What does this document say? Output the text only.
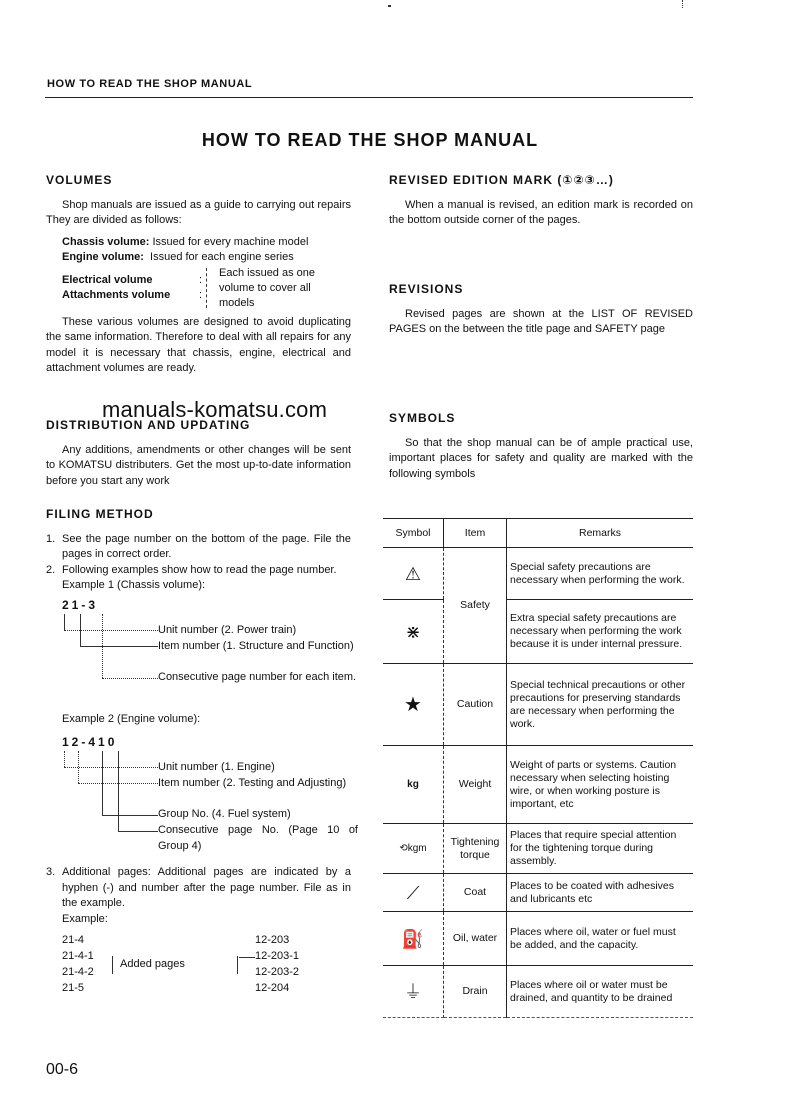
HOW TO READ THE SHOP MANUAL
HOW TO READ THE SHOP MANUAL
VOLUMES

Shop manuals are issued as a guide to carrying out repairs They are divided as follows:

Chassis volume:
Issued for every machine model
Engine volume:
Issued for each engine series
Electrical volume	:
Attachments volume	:
Each issued as one volume to cover all models

These various volumes are designed to avoid duplicating the same information. Therefore to deal with all repairs for any model it is necessary that chassis, engine, electrical and attachment volumes are ready.

DISTRIBUTION AND UPDATING

Any additions, amendments or other changes will be sent to KOMATSU distributers. Get the most up-to-date information before you start any work

FILING METHOD
1. See the page number on the bottom of the page. File the pages in correct order.
2. Following examples show how to read the page number.
Example 1 (Chassis volume):
21-3
Unit number (2. Power train)
Item number (1. Structure and Function)
Consecutive page number for each item.
Example 2 (Engine volume):
12-410
Unit number (1. Engine)
Item number (2. Testing and Adjusting)
Group No. (4. Fuel system)
Consecutive page No. (Page 10 of Group 4)
3. Additional pages: Additional pages are indicated by a hyphen (-) and number after the page number. File as in the example.
Example:
21-4
21-4-1
21-4-2
21-5
Added pages
12-203
12-203-1
12-203-2
12-204
manuals-komatsu.com
REVISED EDITION MARK (①②③…)

When a manual is revised, an edition mark is recorded on the bottom outside corner of the pages.

REVISIONS

Revised pages are shown at the LIST OF REVISED PAGES on the between the title page and SAFETY page

SYMBOLS

So that the shop manual can be of ample practical use, important places for safety and quality are marked with the following symbols

Symbol	Item	Remarks
⚠	Safety	Special safety precautions are necessary when performing the work.
⋇		Extra special safety precautions are necessary when performing the work because it is under internal pressure.
★	Caution	Special technical precautions or other precautions for preserving standards are necessary when performing the work.
kg	Weight	Weight of parts or systems. Caution necessary when selecting hoisting wire, or when working posture is important, etc
⟲kgm	Tightening torque	Places that require special attention for the tightening torque during assembly.
⟋	Coat	Places to be coated with adhesives and lubricants etc
⛽	Oil, water	Places where oil, water or fuel must be added, and the capacity.
⏚	Drain	Places where oil or water must be drained, and quantity to be drained
00-6
